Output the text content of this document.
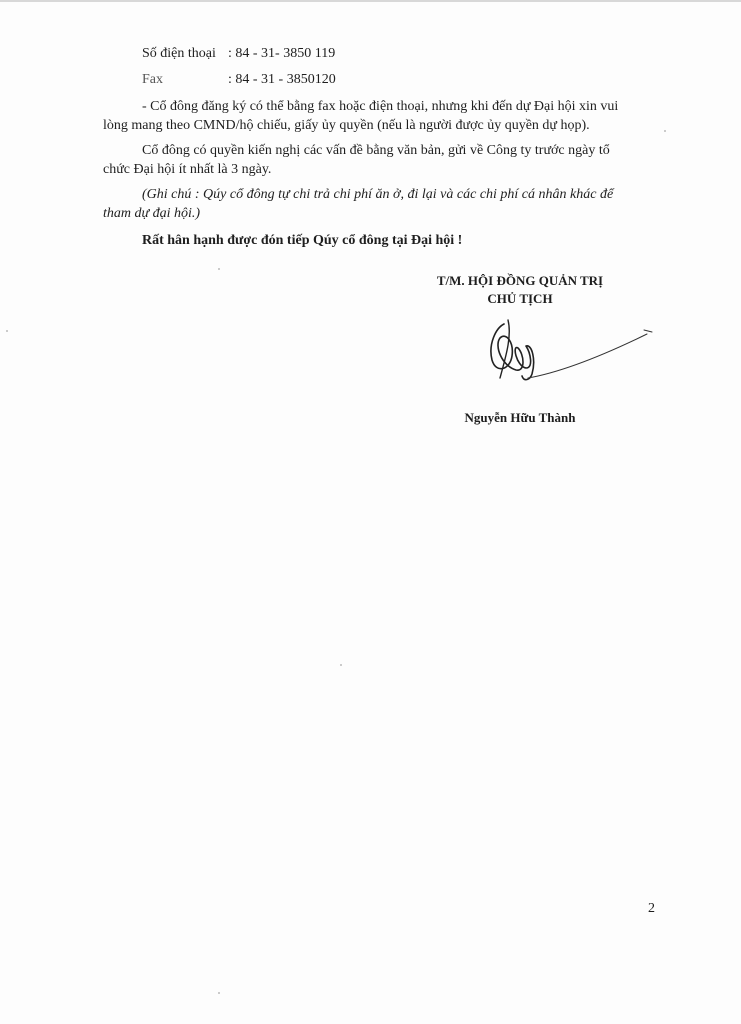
Số điện thoại : 84 - 31- 3850 119
Fax	: 84 - 31 - 3850120
- Cổ đông đăng ký có thể bằng fax hoặc điện thoại, nhưng khi đến dự Đại hội xin vui
lòng mang theo CMND/hộ chiếu, giấy ủy quyền (nếu là người được ủy quyền dự họp).
Cổ đông có quyền kiến nghị các vấn đề bằng văn bản, gửi về Công ty trước ngày tổ
chức Đại hội ít nhất là 3 ngày.
(Ghi chú : Qúy cổ đông tự chi trả chi phí ăn ở, đi lại và các chi phí cá nhân khác để
tham dự đại hội.)
Rất hân hạnh được đón tiếp Qúy cổ đông tại Đại hội !
T/M. HỘI ĐỒNG QUẢN TRỊ
CHỦ TỊCH
Nguyễn Hữu Thành
2
